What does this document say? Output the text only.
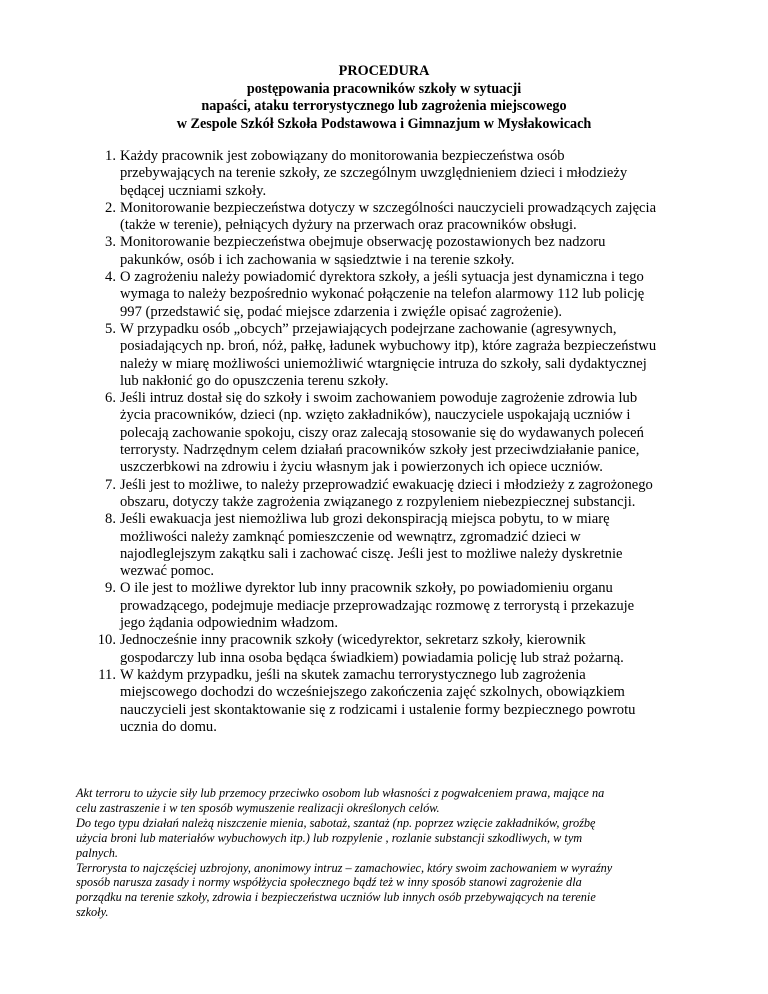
PROCEDURA
postępowania pracowników szkoły w sytuacji
napaści, ataku terrorystycznego lub zagrożenia miejscowego
w Zespole Szkół Szkoła Podstawowa i Gimnazjum w Mysłakowicach
1. Każdy pracownik jest zobowiązany do monitorowania bezpieczeństwa osób
przebywających na terenie szkoły, ze szczególnym uwzględnieniem dzieci i młodzieży
będącej uczniami szkoły.
2. Monitorowanie bezpieczeństwa dotyczy w szczególności nauczycieli prowadzących zajęcia
(także w terenie), pełniących dyżury na przerwach oraz pracowników obsługi.
3. Monitorowanie bezpieczeństwa obejmuje obserwację pozostawionych bez nadzoru
pakunków, osób i ich zachowania w sąsiedztwie i na terenie szkoły.
4. O zagrożeniu należy powiadomić dyrektora szkoły, a jeśli sytuacja jest dynamiczna i tego
wymaga to należy bezpośrednio wykonać połączenie na telefon alarmowy 112 lub policję
997 (przedstawić się, podać miejsce zdarzenia i zwięźle opisać zagrożenie).
5. W przypadku osób „obcych” przejawiających podejrzane zachowanie (agresywnych,
posiadających np. broń, nóż, pałkę, ładunek wybuchowy itp), które zagraża bezpieczeństwu
należy w miarę możliwości uniemożliwić wtargnięcie intruza do szkoły, sali dydaktycznej
lub nakłonić go do opuszczenia terenu szkoły.
6. Jeśli intruz dostał się do szkoły i swoim zachowaniem powoduje zagrożenie zdrowia lub
życia pracowników, dzieci (np. wzięto zakładników), nauczyciele uspokajają uczniów i
polecają zachowanie spokoju, ciszy oraz zalecają stosowanie się do wydawanych poleceń
terrorysty. Nadrzędnym celem działań pracowników szkoły jest przeciwdziałanie panice,
uszczerbkowi na zdrowiu i życiu własnym jak i powierzonych ich opiece uczniów.
7. Jeśli jest to możliwe, to należy przeprowadzić ewakuację dzieci i młodzieży z zagrożonego
obszaru, dotyczy także zagrożenia związanego z rozpyleniem niebezpiecznej substancji.
8. Jeśli ewakuacja jest niemożliwa lub grozi dekonspiracją miejsca pobytu, to w miarę
możliwości należy zamknąć pomieszczenie od wewnątrz, zgromadzić dzieci w
najodleglejszym zakątku sali i zachować ciszę. Jeśli jest to możliwe należy dyskretnie
wezwać pomoc.
9. O ile jest to możliwe dyrektor lub inny pracownik szkoły, po powiadomieniu organu
prowadzącego, podejmuje mediacje przeprowadzając rozmowę z terrorystą i przekazuje
jego żądania odpowiednim władzom.
10. Jednocześnie inny pracownik szkoły (wicedyrektor, sekretarz szkoły, kierownik
gospodarczy lub inna osoba będąca świadkiem) powiadamia policję lub straż pożarną.
11. W każdym przypadku, jeśli na skutek zamachu terrorystycznego lub zagrożenia
miejscowego dochodzi do wcześniejszego zakończenia zajęć szkolnych, obowiązkiem
nauczycieli jest skontaktowanie się z rodzicami i ustalenie formy bezpiecznego powrotu
ucznia do domu.
Akt terroru to użycie siły lub przemocy przeciwko osobom lub własności z pogwałceniem prawa, mające na
celu zastraszenie i w ten sposób wymuszenie realizacji określonych celów.
Do tego typu działań należą niszczenie mienia, sabotaż, szantaż (np. poprzez wzięcie zakładników, groźbę
użycia broni lub materiałów wybuchowych itp.) lub rozpylenie , rozlanie substancji szkodliwych, w tym
palnych.
Terrorysta to najczęściej uzbrojony, anonimowy intruz – zamachowiec, który swoim zachowaniem w wyraźny
sposób narusza zasady i normy współżycia społecznego bądź też w inny sposób stanowi zagrożenie dla
porządku na terenie szkoły, zdrowia i bezpieczeństwa uczniów lub innych osób przebywających na terenie
szkoły.
